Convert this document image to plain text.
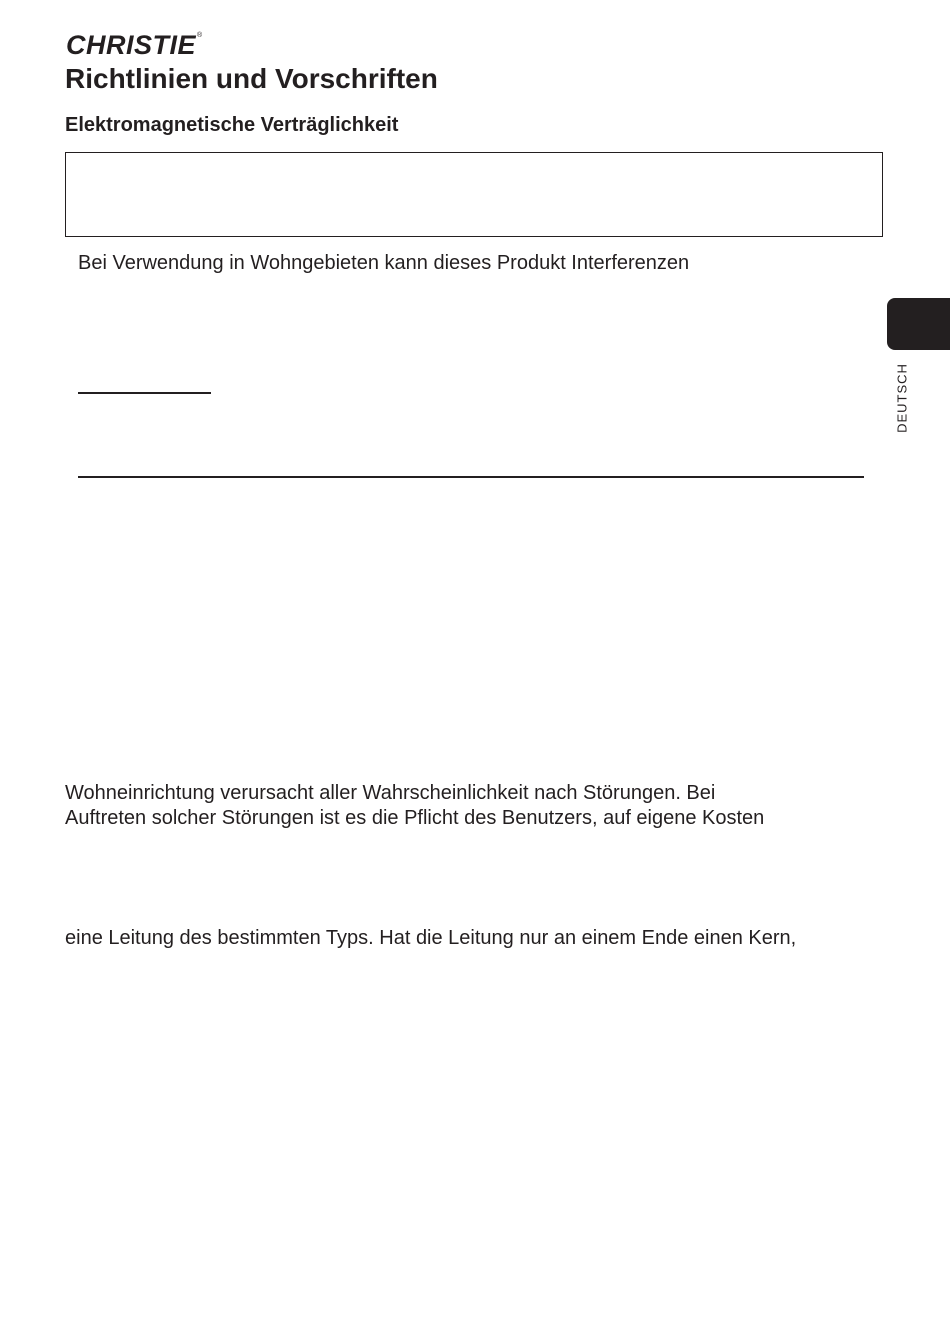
CHRISTIE®
Richtlinien und Vorschriften
Elektromagnetische Verträglichkeit

Bei Verwendung in Wohngebieten kann dieses Produkt Interferenzen

Wohneinrichtung verursacht aller Wahrscheinlichkeit nach Störungen. Bei

Auftreten solcher Störungen ist es die Pflicht des Benutzers, auf eigene Kosten

eine Leitung des bestimmten Typs. Hat die Leitung nur an einem Ende einen Kern,

DEUTSCH
